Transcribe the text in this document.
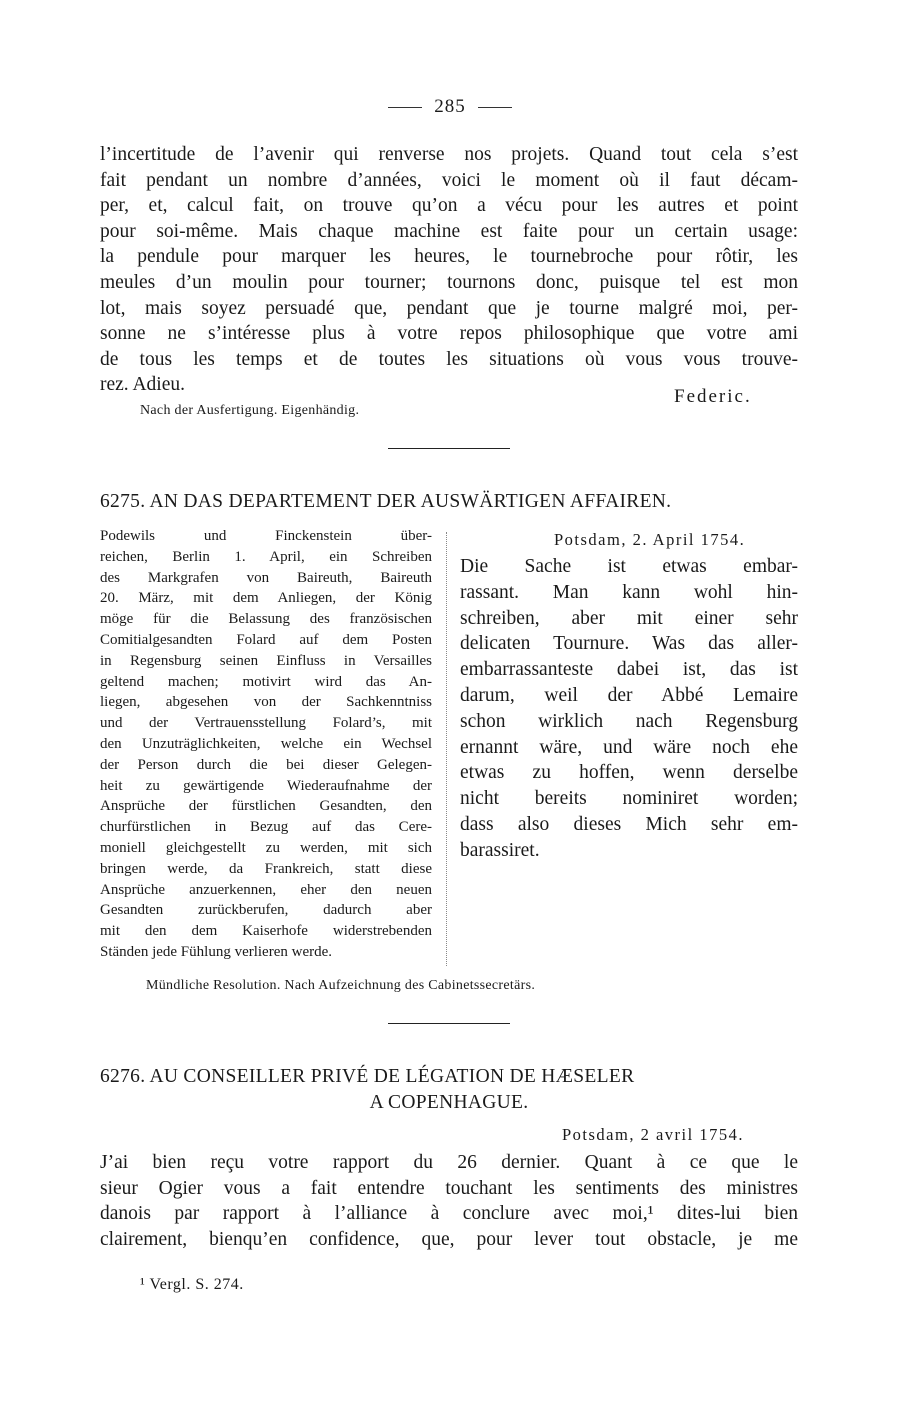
285
l’incertitude de l’avenir qui renverse nos projets. Quand tout cela s’est
fait pendant un nombre d’années, voici le moment où il faut décam-
per, et, calcul fait, on trouve qu’on a vécu pour les autres et point
pour soi-même. Mais chaque machine est faite pour un certain usage:
la pendule pour marquer les heures, le tournebroche pour rôtir, les
meules d’un moulin pour tourner; tournons donc, puisque tel est mon
lot, mais soyez persuadé que, pendant que je tourne malgré moi, per-
sonne ne s’intéresse plus à votre repos philosophique que votre ami
de tous les temps et de toutes les situations où vous vous trouve-
rez. Adieu.
Federic.
Nach der Ausfertigung. Eigenhändig.
6275. AN DAS DEPARTEMENT DER AUSWÄRTIGEN AFFAIREN.
Podewils und Finckenstein über-
reichen, Berlin 1. April, ein Schreiben
des Markgrafen von Baireuth, Baireuth
20. März, mit dem Anliegen, der König
möge für die Belassung des französischen
Comitialgesandten Folard auf dem Posten
in Regensburg seinen Einfluss in Versailles
geltend machen; motivirt wird das An-
liegen, abgesehen von der Sachkenntniss
und der Vertrauensstellung Folard’s, mit
den Unzuträglichkeiten, welche ein Wechsel
der Person durch die bei dieser Gelegen-
heit zu gewärtigende Wiederaufnahme der
Ansprüche der fürstlichen Gesandten, den
churfürstlichen in Bezug auf das Cere-
moniell gleichgestellt zu werden, mit sich
bringen werde, da Frankreich, statt diese
Ansprüche anzuerkennen, eher den neuen
Gesandten zurückberufen, dadurch aber
mit den dem Kaiserhofe widerstrebenden
Ständen jede Fühlung verlieren werde.
Potsdam, 2. April 1754.
Die Sache ist etwas embar-
rassant. Man kann wohl hin-
schreiben, aber mit einer sehr
delicaten Tournure. Was das aller-
embarrassanteste dabei ist, das ist
darum, weil der Abbé Lemaire
schon wirklich nach Regensburg
ernannt wäre, und wäre noch ehe
etwas zu hoffen, wenn derselbe
nicht bereits nominiret worden;
dass also dieses Mich sehr em-
barassiret.
Mündliche Resolution. Nach Aufzeichnung des Cabinetssecretärs.
6276. AU CONSEILLER PRIVÉ DE LÉGATION DE HÆSELER
A COPENHAGUE.
Potsdam, 2 avril 1754.
J’ai bien reçu votre rapport du 26 dernier. Quant à ce que le
sieur Ogier vous a fait entendre touchant les sentiments des ministres
danois par rapport à l’alliance à conclure avec moi,¹ dites-lui bien
clairement, bienqu’en confidence, que, pour lever tout obstacle, je me
¹ Vergl. S. 274.
